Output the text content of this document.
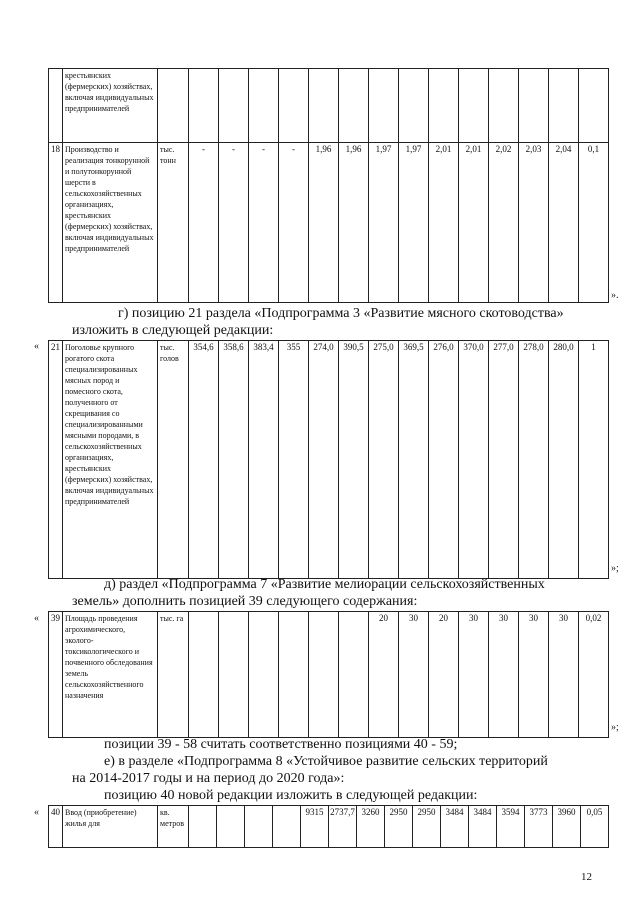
	крестьянских (фермерских) хозяйствах, включая индивидуальных предпринимателей															
18	Производство и реализация тонкорунной и полутонкорунной шерсти в сельскохозяйственных организациях, крестьянских (фермерских) хозяйствах, включая индивидуальных предпринимателей	тыс. тонн	-	-	-	-	1,96	1,96	1,97	1,97	2,01	2,01	2,02	2,03	2,04	0,1
».
г) позицию 21 раздела «Подпрограмма 3 «Развитие мясного скотоводства»
изложить в следующей редакции:
« 21	Поголовье крупного рогатого скота специализированных мясных пород и помесного скота, полученного от скрещивания со специализированными мясными породами, в сельскохозяйственных организациях, крестьянских (фермерских) хозяйствах, включая индивидуальных предпринимателей	тыс. голов	354,6	358,6	383,4	355	274,0	390,5	275,0	369,5	276,0	370,0	277,0	278,0	280,0	1
»;
д) раздел «Подпрограмма 7 «Развитие мелиорации сельскохозяйственных
земель» дополнить позицией 39 следующего содержания:
« 39	Площадь проведения агрохимического, эколого-токсикологического и почвенного обследования земель сельскохозяйственного назначения	тыс. га							20	30	20	30	30	30	30	0,02
»;
позиции 39 - 58 считать соответственно позициями 40 - 59;
е) в разделе «Подпрограмма 8 «Устойчивое развитие сельских территорий
на 2014-2017 годы и на период до 2020 года»:
позицию 40 новой редакции изложить в следующей редакции:
« 40	Ввод (приобретение) жилья для	кв. метров					9315	2737,7	3260	2950	2950	3484	3484	3594	3773	3960	0,05
12
